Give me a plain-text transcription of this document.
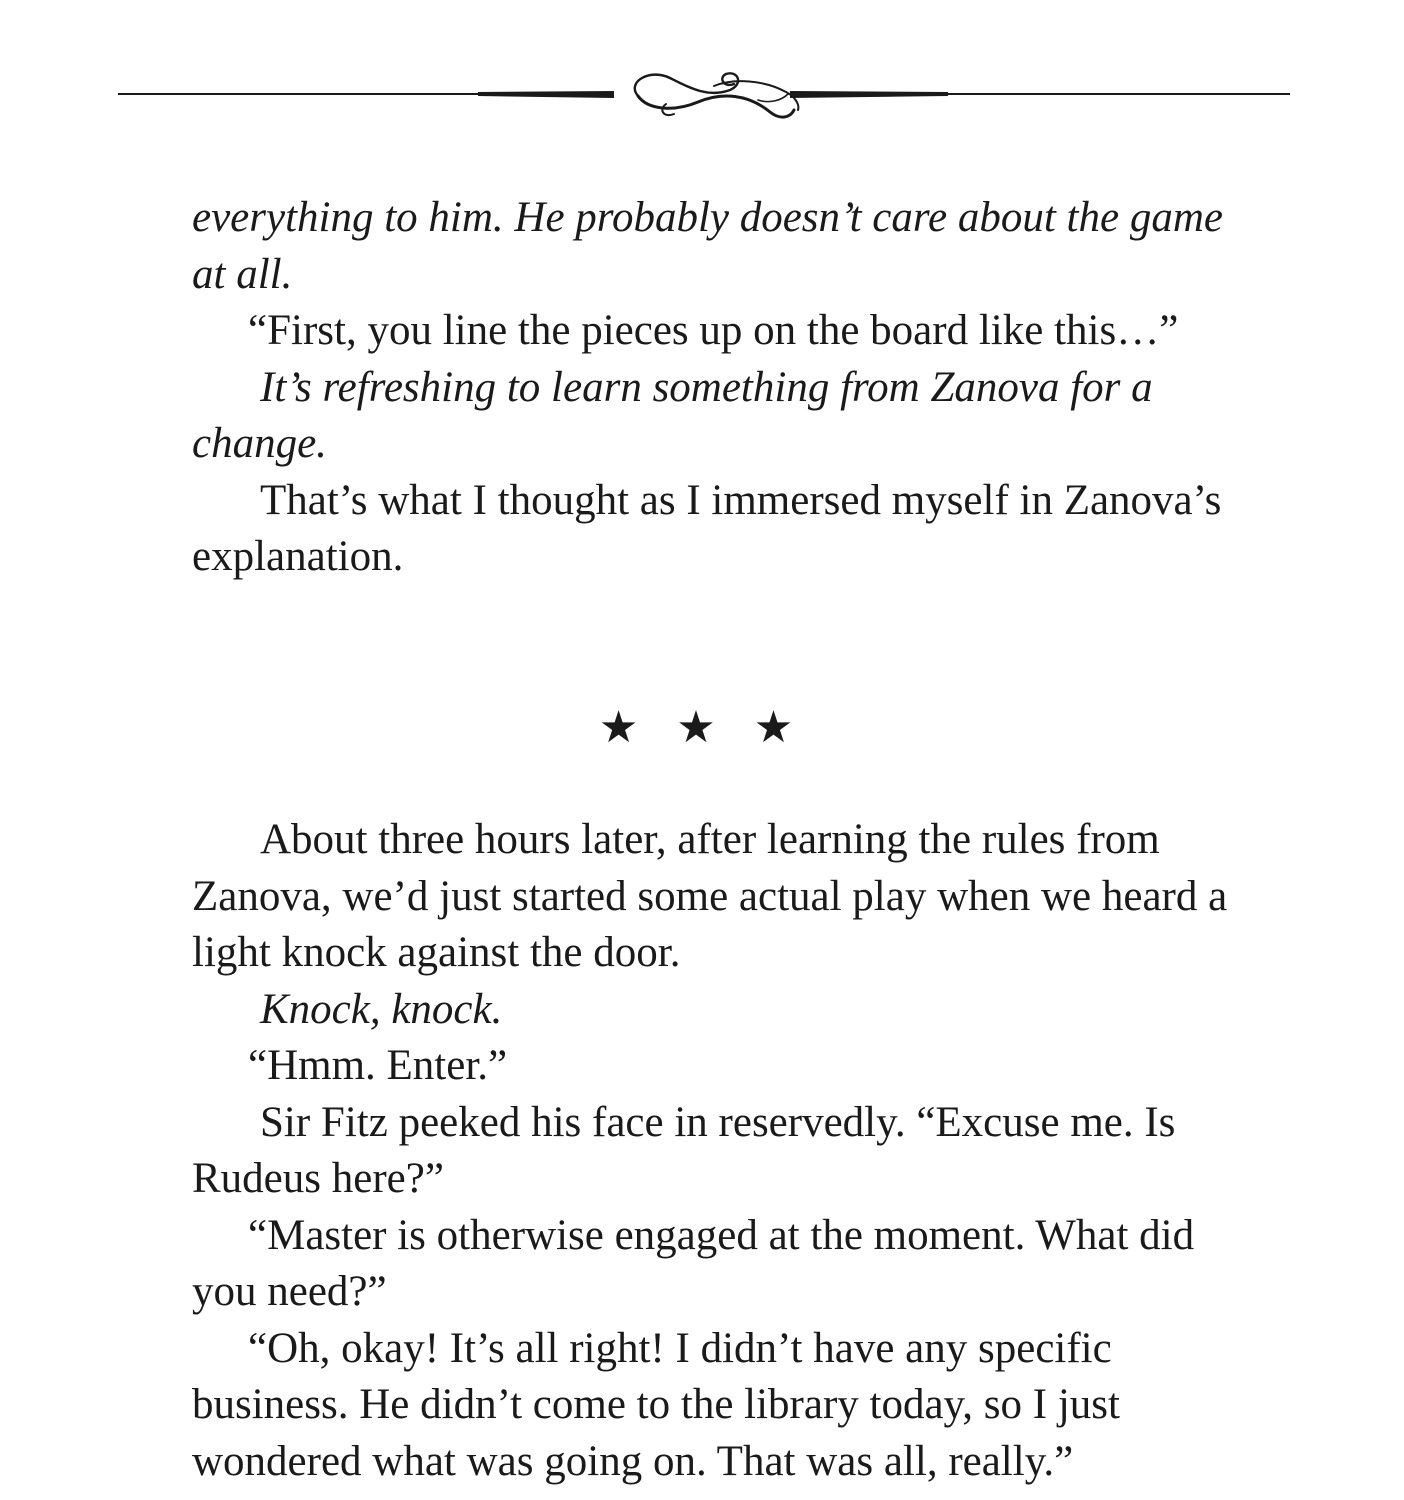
everything to him. He probably doesn’t care about the game at all.

“First, you line the pieces up on the board like this…”

It’s refreshing to learn something from Zanova for a change.

That’s what I thought as I immersed myself in Zanova’s explanation.

★ ★ ★

About three hours later, after learning the rules from Zanova, we’d just started some actual play when we heard a light knock against the door.

Knock, knock.

“Hmm. Enter.”

Sir Fitz peeked his face in reservedly. “Excuse me. Is Rudeus here?”

“Master is otherwise engaged at the moment. What did you need?”

“Oh, okay! It’s all right! I didn’t have any specific business. He didn’t come to the library today, so I just wondered what was going on. That was all, really.”
